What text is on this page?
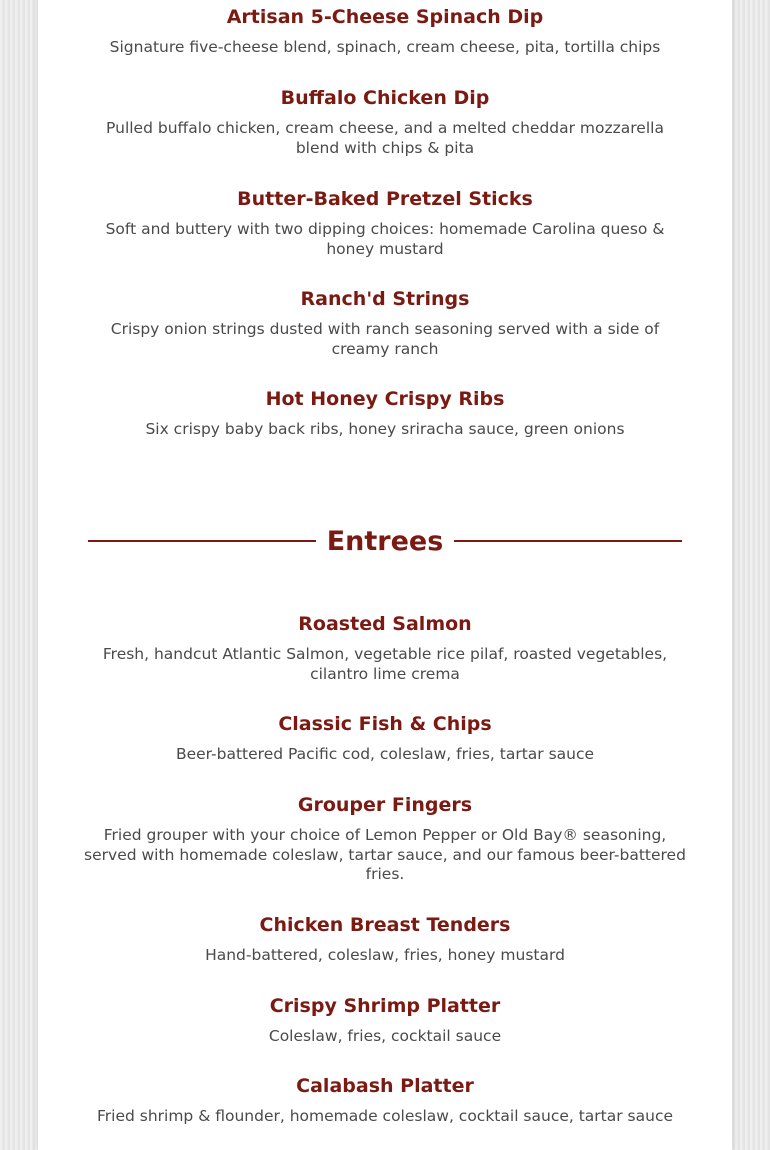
Artisan 5-Cheese Spinach Dip

Signature five-cheese blend, spinach, cream cheese, pita, tortilla chips

Buffalo Chicken Dip

Pulled buffalo chicken, cream cheese, and a melted cheddar mozzarella blend with chips & pita

Butter-Baked Pretzel Sticks

Soft and buttery with two dipping choices: homemade Carolina queso & honey mustard

Ranch'd Strings

Crispy onion strings dusted with ranch seasoning served with a side of creamy ranch

Hot Honey Crispy Ribs

Six crispy baby back ribs, honey sriracha sauce, green onions

Entrees

Roasted Salmon

Fresh, handcut Atlantic Salmon, vegetable rice pilaf, roasted vegetables, cilantro lime crema

Classic Fish & Chips

Beer-battered Pacific cod, coleslaw, fries, tartar sauce

Grouper Fingers

Fried grouper with your choice of Lemon Pepper or Old Bay® seasoning, served with homemade coleslaw, tartar sauce, and our famous beer-battered fries.

Chicken Breast Tenders

Hand-battered, coleslaw, fries, honey mustard

Crispy Shrimp Platter

Coleslaw, fries, cocktail sauce

Calabash Platter

Fried shrimp & flounder, homemade coleslaw, cocktail sauce, tartar sauce
